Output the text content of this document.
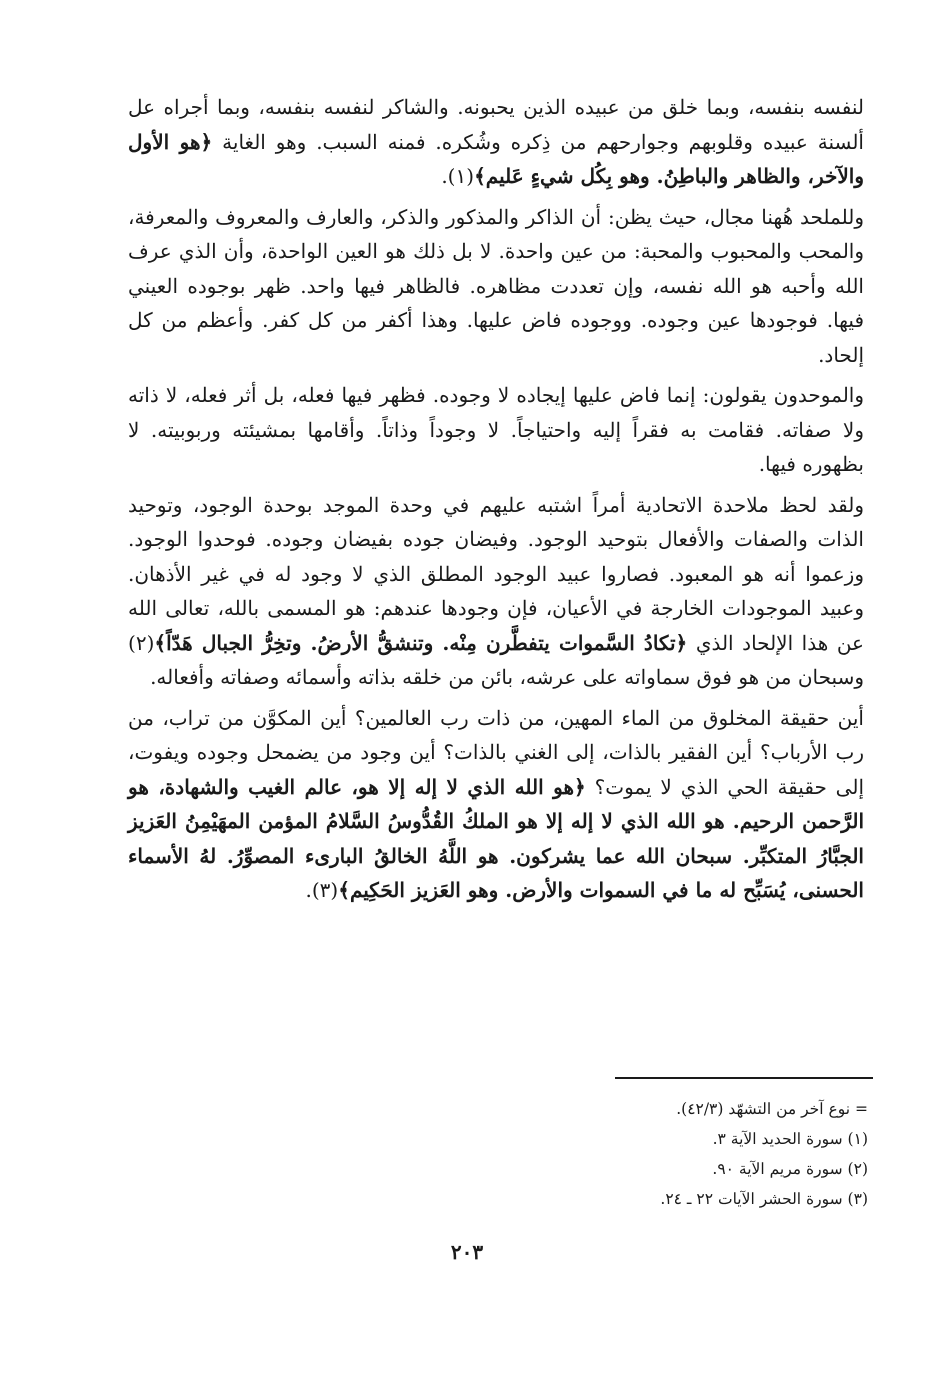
لنفسه بنفسه، وبما خلق من عبيده الذين يحبونه. والشاكر لنفسه بنفسه، وبما أجراه عل ألسنة عبيده وقلوبهم وجوارحهم من ذِكره وشُكره. فمنه السبب. وهو الغاية ﴿هو الأول والآخر، والظاهر والباطِنُ. وهو بِكُل شيءٍ عَليم﴾(١).

وللملحد هُهنا مجال، حيث يظن: أن الذاكر والمذكور والذكر، والعارف والمعروف والمعرفة، والمحب والمحبوب والمحبة: من عين واحدة. لا بل ذلك هو العين الواحدة، وأن الذي عرف الله وأحبه هو الله نفسه، وإن تعددت مظاهره. فالظاهر فيها واحد. ظهر بوجوده العيني فيها. فوجودها عين وجوده. ووجوده فاض عليها. وهذا أكفر من كل كفر. وأعظم من كل إلحاد.

والموحدون يقولون: إنما فاض عليها إيجاده لا وجوده. فظهر فيها فعله، بل أثر فعله، لا ذاته ولا صفاته. فقامت به فقراً إليه واحتياجاً. لا وجوداً وذاتاً. وأقامها بمشيئته وربوبيته. لا بظهوره فيها.

ولقد لحظ ملاحدة الاتحادية أمراً اشتبه عليهم في وحدة الموجد بوحدة الوجود، وتوحيد الذات والصفات والأفعال بتوحيد الوجود. وفيضان جوده بفيضان وجوده. فوحدوا الوجود. وزعموا أنه هو المعبود. فصاروا عبيد الوجود المطلق الذي لا وجود له في غير الأذهان. وعبيد الموجودات الخارجة في الأعيان، فإن وجودها عندهم: هو المسمى بالله، تعالى الله عن هذا الإلحاد الذي ﴿تكادُ السَّموات يتفطَّرن مِنْه. وتنشقُّ الأرضُ. وتخِرُّ الجبال هَدّاً﴾(٢) وسبحان من هو فوق سماواته على عرشه، بائن من خلقه بذاته وأسمائه وصفاته وأفعاله.

أين حقيقة المخلوق من الماء المهين، من ذات رب العالمين؟ أين المكوَّن من تراب، من رب الأرباب؟ أين الفقير بالذات، إلى الغني بالذات؟ أين وجود من يضمحل وجوده ويفوت، إلى حقيقة الحي الذي لا يموت؟ ﴿هو الله الذي لا إله إلا هو، عالم الغيب والشهادة، هو الرَّحمن الرحيم. هو الله الذي لا إله إلا هو الملكُ القُدُّوسُ السَّلامُ المؤمن المهَيْمِنُ العَزيز الجبَّارُ المتكبِّر. سبحان الله عما يشركون. هو اللَّهُ الخالقُ البارىء المصوِّرُ. لهُ الأسماء الحسنى، يُسَبِّح له ما في السموات والأرض. وهو العَزيز الحَكِيم﴾(٣).

= نوع آخر من التشهّد (٤٢/٣).
(١) سورة الحديد الآية ٣.
(٢) سورة مريم الآية ٩٠.
(٣) سورة الحشر الآيات ٢٢ ـ ٢٤.
٢٠٣
